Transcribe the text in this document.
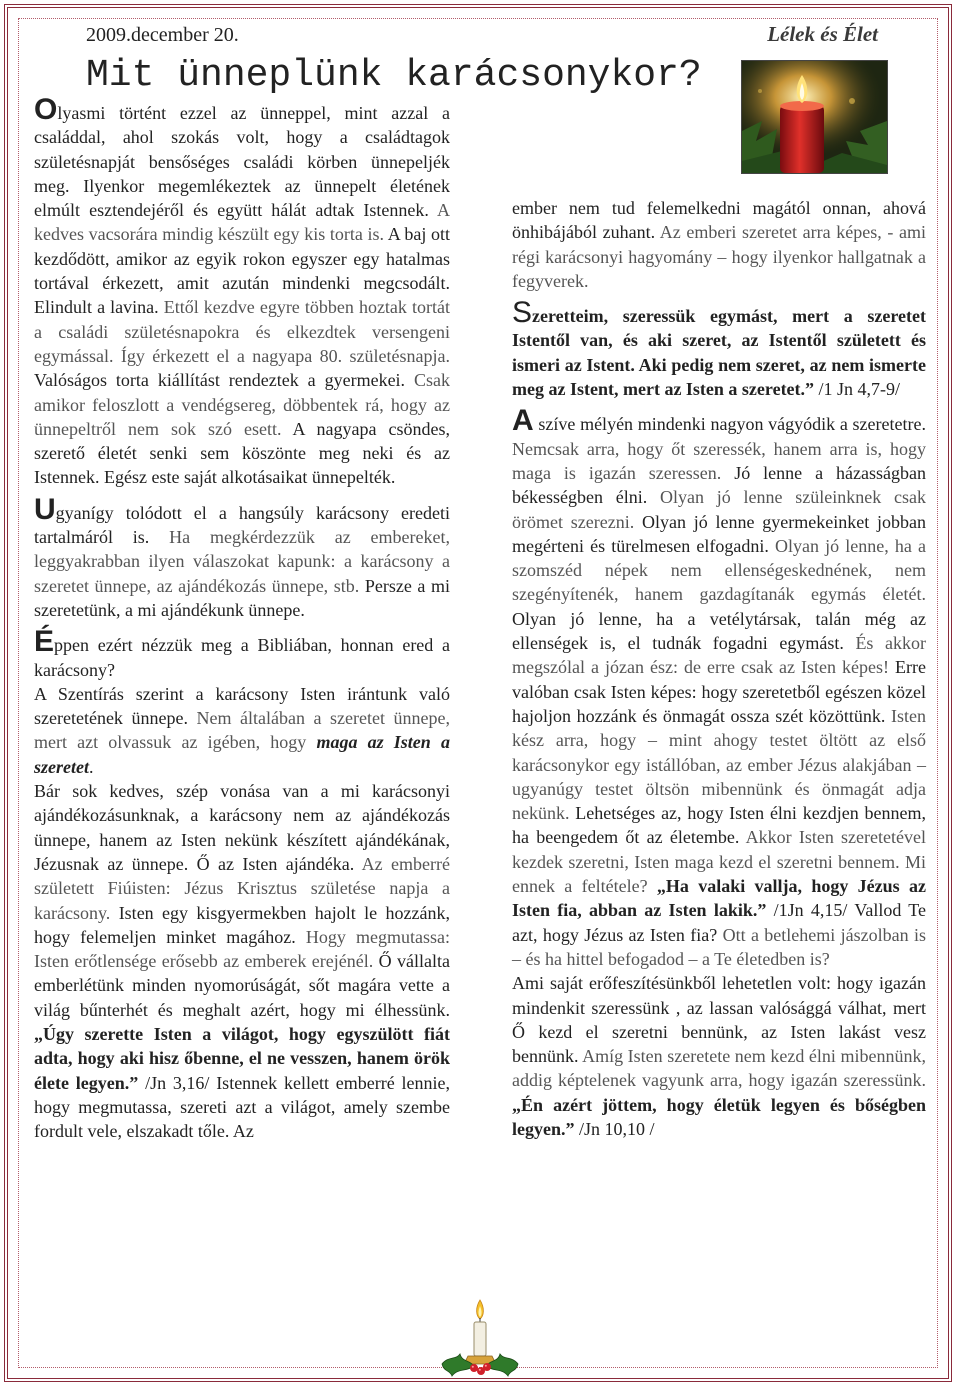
2009.december 20.	Lélek és Élet
Mit ünneplünk karácsonykor?

Olyasmi történt ezzel az ünneppel, mint azzal a családdal, ahol szokás volt, hogy a családtagok születésnapját bensőséges családi körben ünnepeljék meg. Ilyenkor megemlékeztek az ünnepelt életének elmúlt esztendejéről és együtt hálát adtak Istennek. A kedves vacsorára mindig készült egy kis torta is. A baj ott kezdődött, amikor az egyik rokon egyszer egy hatalmas tortával érkezett, amit azután mindenki megcsodált. Elindult a lavina. Ettől kezdve egyre többen hoztak tortát a családi születésnapokra és elkezdtek versengeni egymással. Így érkezett el a nagyapa 80. születésnapja. Valóságos torta kiállítást rendeztek a gyermekei. Csak amikor feloszlott a vendégsereg, döbbentek rá, hogy az ünnepeltről nem sok szó esett. A nagyapa csöndes, szerető életét senki sem köszönte meg neki és az Istennek. Egész este saját alkotásaikat ünnepelték.

Ugyanígy tolódott el a hangsúly karácsony eredeti tartalmáról is. Ha megkérdezzük az embereket, leggyakrabban ilyen válaszokat kapunk: a karácsony a szeretet ünnepe, az ajándékozás ünnepe, stb. Persze a mi szeretetünk, a mi ajándékunk ünnepe.

Éppen ezért nézzük meg a Bibliában, honnan ered a karácsony?

A Szentírás szerint a karácsony Isten irántunk való szeretetének ünnepe. Nem általában a szeretet ünnepe, mert azt olvassuk az igében, hogy maga az Isten a szeretet.

Bár sok kedves, szép vonása van a mi karácsonyi ajándékozásunknak, a karácsony nem az ajándékozás ünnepe, hanem az Isten nekünk készített ajándékának, Jézusnak az ünnepe. Ő az Isten ajándéka. Az emberré született Fiúisten: Jézus Krisztus születése napja a karácsony. Isten egy kisgyermekben hajolt le hozzánk, hogy felemeljen minket magához. Hogy megmutassa: Isten erőtlensége erősebb az emberek erejénél. Ő vállalta emberlétünk minden nyomorúságát, sőt magára vette a világ bűnterhét és meghalt azért, hogy mi élhessünk. „Úgy szerette Isten a világot, hogy egyszülött fiát adta, hogy aki hisz őbenne, el ne vesszen, hanem örök élete legyen.” /Jn 3,16/ Istennek kellett emberré lennie, hogy megmutassa, szereti azt a világot, amely szembe fordult vele, elszakadt tőle. Az

ember nem tud felemelkedni magától onnan, ahová önhibájából zuhant. Az emberi szeretet arra képes, - ami régi karácsonyi hagyomány – hogy ilyenkor hallgatnak a fegyverek.

Szeretteim, szeressük egymást, mert a szeretet Istentől van, és aki szeret, az Istentől született és ismeri az Istent. Aki pedig nem szeret, az nem ismerte meg az Istent, mert az Isten a szeretet.” /1 Jn 4,7-9/

A szíve mélyén mindenki nagyon vágyódik a szeretetre. Nemcsak arra, hogy őt szeressék, hanem arra is, hogy maga is igazán szeressen. Jó lenne a házasságban békességben élni. Olyan jó lenne szüleinknek csak örömet szerezni. Olyan jó lenne gyermekeinket jobban megérteni és türelmesen elfogadni. Olyan jó lenne, ha a szomszéd népek nem ellenségeskednének, nem szegényítenék, hanem gazdagítanák egymás életét. Olyan jó lenne, ha a vetélytársak, talán még az ellenségek is, el tudnák fogadni egymást. És akkor megszólal a józan ész: de erre csak az Isten képes! Erre valóban csak Isten képes: hogy szeretetből egészen közel hajoljon hozzánk és önmagát ossza szét közöttünk. Isten kész arra, hogy – mint ahogy testet öltött az első karácsonykor egy istállóban, az ember Jézus alakjában – ugyanúgy testet öltsön mibennünk és önmagát adja nekünk. Lehetséges az, hogy Isten élni kezdjen bennem, ha beengedem őt az életembe. Akkor Isten szeretetével kezdek szeretni, Isten maga kezd el szeretni bennem. Mi ennek a feltétele? „Ha valaki vallja, hogy Jézus az Isten fia, abban az Isten lakik.” /1Jn 4,15/ Vallod Te azt, hogy Jézus az Isten fia? Ott a betlehemi jászolban is – és ha hittel befogadod – a Te életedben is?

Ami saját erőfeszítésünkből lehetetlen volt: hogy igazán mindenkit szeressünk , az lassan valósággá válhat, mert Ő kezd el szeretni bennünk, az Isten lakást vesz bennünk. Amíg Isten szeretete nem kezd élni mibennünk, addig képtelenek vagyunk arra, hogy igazán szeressünk. „Én azért jöttem, hogy életük legyen és bőségben legyen.” /Jn 10,10 /
